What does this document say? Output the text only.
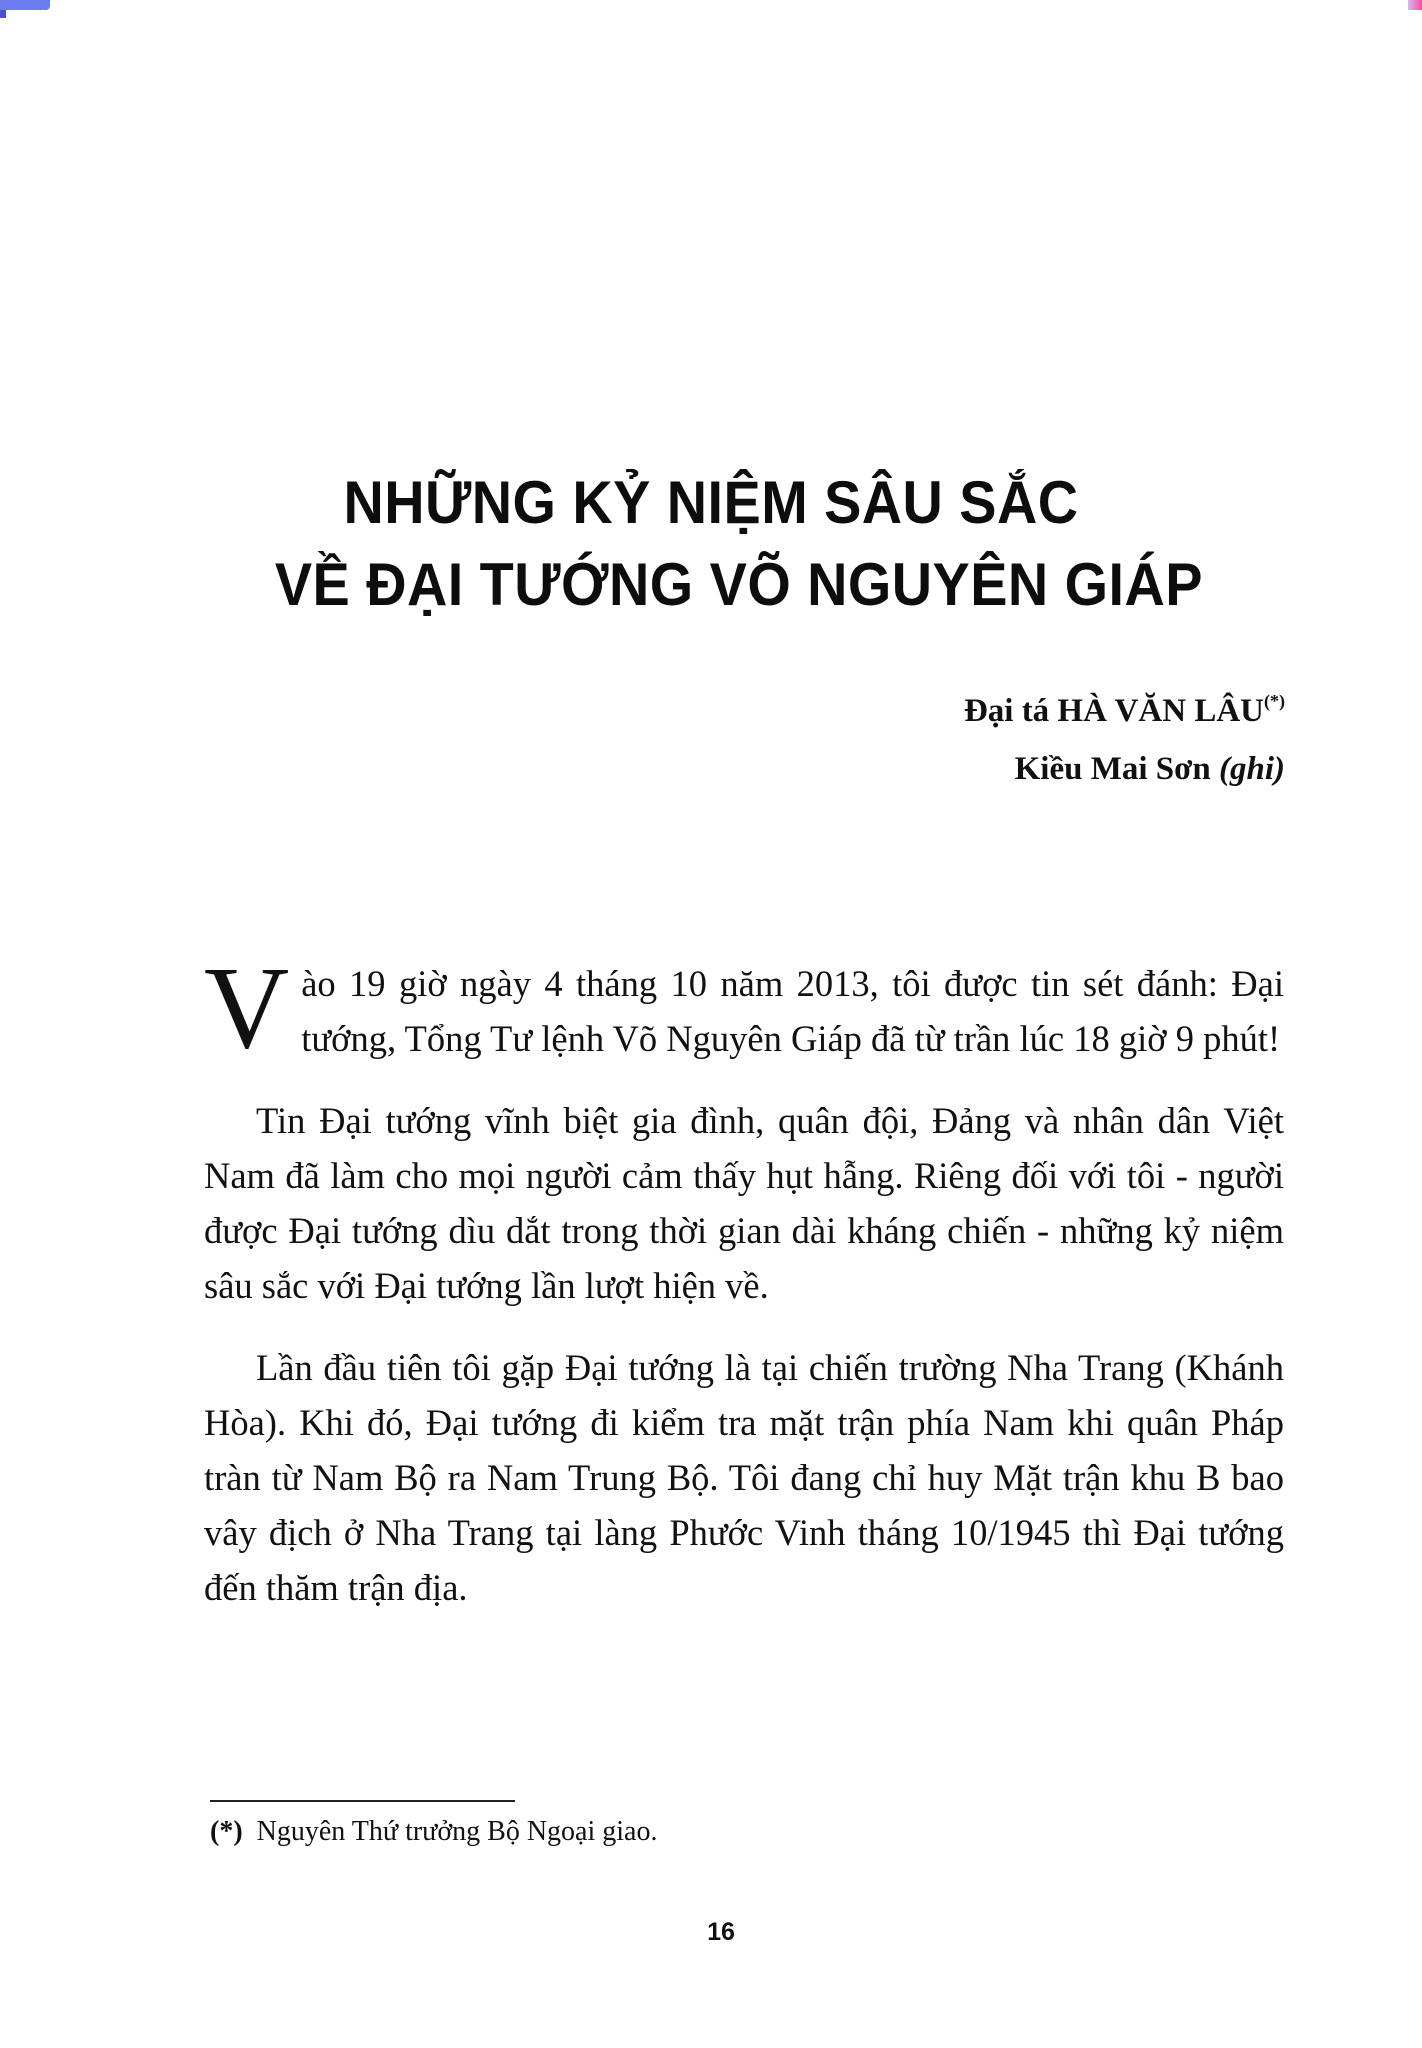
NHỮNG KỶ NIỆM SÂU SẮC
VỀ ĐẠI TƯỚNG VÕ NGUYÊN GIÁP
Đại tá HÀ VĂN LÂU(*)
Kiều Mai Sơn (ghi)

Vào 19 giờ ngày 4 tháng 10 năm 2013, tôi được tin sét đánh: Đại tướng, Tổng Tư lệnh Võ Nguyên Giáp đã từ trần lúc 18 giờ 9 phút!

Tin Đại tướng vĩnh biệt gia đình, quân đội, Đảng và nhân dân Việt Nam đã làm cho mọi người cảm thấy hụt hẫng. Riêng đối với tôi - người được Đại tướng dìu dắt trong thời gian dài kháng chiến - những kỷ niệm sâu sắc với Đại tướng lần lượt hiện về.

Lần đầu tiên tôi gặp Đại tướng là tại chiến trường Nha Trang (Khánh Hòa). Khi đó, Đại tướng đi kiểm tra mặt trận phía Nam khi quân Pháp tràn từ Nam Bộ ra Nam Trung Bộ. Tôi đang chỉ huy Mặt trận khu B bao vây địch ở Nha Trang tại làng Phước Vinh tháng 10/1945 thì Đại tướng đến thăm trận địa.

(*) Nguyên Thứ trưởng Bộ Ngoại giao.
16
